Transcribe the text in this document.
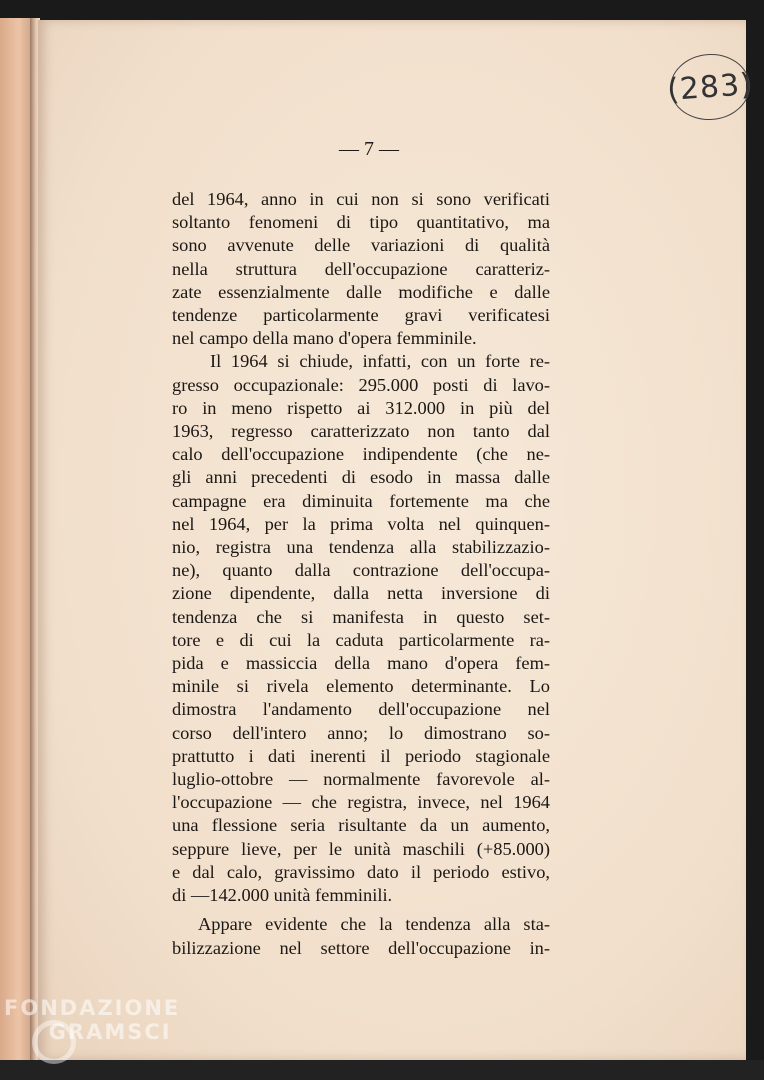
(283)
— 7 —
del 1964, anno in cui non si sono verificati
soltanto fenomeni di tipo quantitativo, ma
sono avvenute delle variazioni di qualità
nella struttura dell'occupazione caratteriz-
zate essenzialmente dalle modifiche e dalle
tendenze particolarmente gravi verificatesi
nel campo della mano d'opera femminile.
Il 1964 si chiude, infatti, con un forte re-
gresso occupazionale: 295.000 posti di lavo-
ro in meno rispetto ai 312.000 in più del
1963, regresso caratterizzato non tanto dal
calo dell'occupazione indipendente (che ne-
gli anni precedenti di esodo in massa dalle
campagne era diminuita fortemente ma che
nel 1964, per la prima volta nel quinquen-
nio, registra una tendenza alla stabilizzazio-
ne), quanto dalla contrazione dell'occupa-
zione dipendente, dalla netta inversione di
tendenza che si manifesta in questo set-
tore e di cui la caduta particolarmente ra-
pida e massiccia della mano d'opera fem-
minile si rivela elemento determinante. Lo
dimostra l'andamento dell'occupazione nel
corso dell'intero anno; lo dimostrano so-
prattutto i dati inerenti il periodo stagionale
luglio-ottobre — normalmente favorevole al-
l'occupazione — che registra, invece, nel 1964
una flessione seria risultante da un aumento,
seppure lieve, per le unità maschili (+85.000)
e dal calo, gravissimo dato il periodo estivo,
di —142.000 unità femminili.
Appare evidente che la tendenza alla sta-
bilizzazione nel settore dell'occupazione in-
FONDAZIONE
GRAMSCI
